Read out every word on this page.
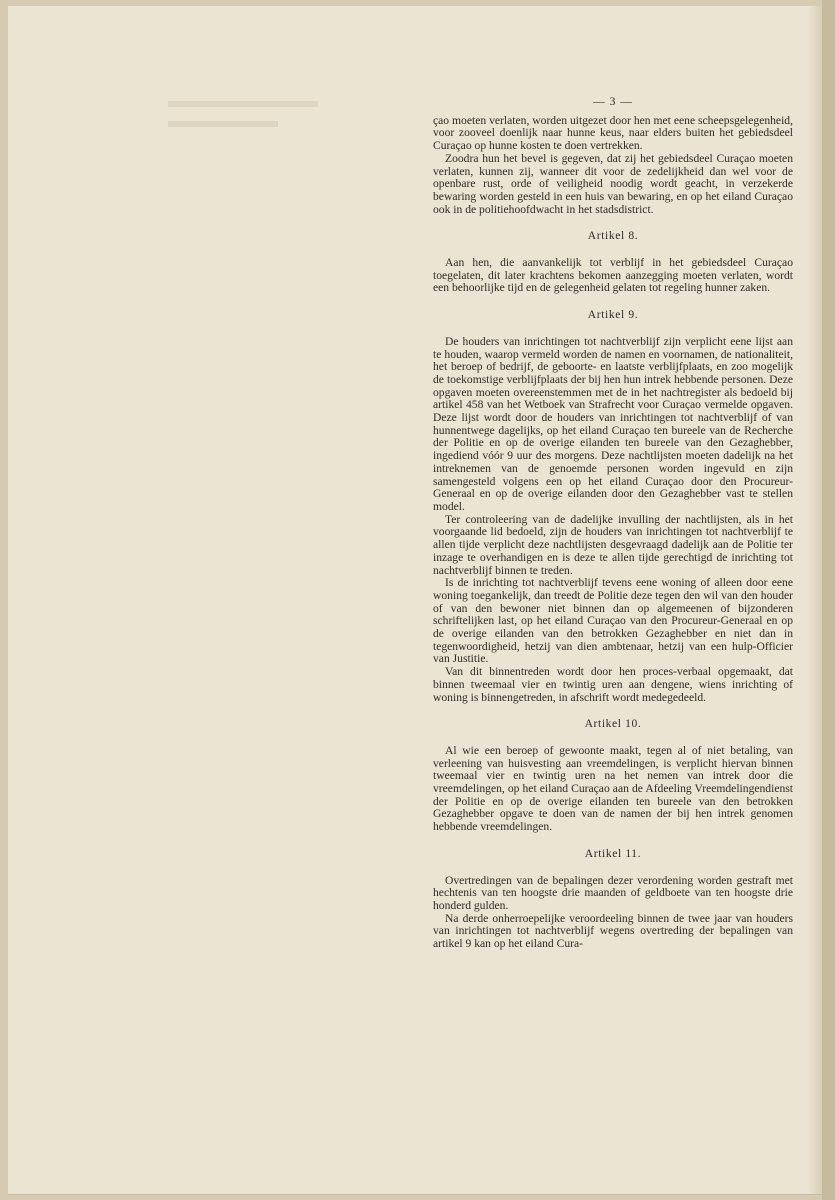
— 3 —

çao moeten verlaten, worden uitgezet door hen met eene scheepsgelegenheid, voor zooveel doenlijk naar hunne keus, naar elders buiten het gebiedsdeel Curaçao op hunne kosten te doen vertrekken.

Zoodra hun het bevel is gegeven, dat zij het gebiedsdeel Curaçao moeten verlaten, kunnen zij, wanneer dit voor de zedelijkheid dan wel voor de openbare rust, orde of veiligheid noodig wordt geacht, in verzekerde bewaring worden gesteld in een huis van bewaring, en op het eiland Curaçao ook in de politiehoofdwacht in het stadsdistrict.

Artikel 8.

Aan hen, die aanvankelijk tot verblijf in het gebiedsdeel Curaçao toegelaten, dit later krachtens bekomen aanzegging moeten verlaten, wordt een behoorlijke tijd en de gelegenheid gelaten tot regeling hunner zaken.

Artikel 9.

De houders van inrichtingen tot nachtverblijf zijn verplicht eene lijst aan te houden, waarop vermeld worden de namen en voornamen, de nationaliteit, het beroep of bedrijf, de geboorte- en laatste verblijfplaats, en zoo mogelijk de toekomstige verblijfplaats der bij hen hun intrek hebbende personen. Deze opgaven moeten overeenstemmen met de in het nachtregister als bedoeld bij artikel 458 van het Wetboek van Strafrecht voor Curaçao vermelde opgaven. Deze lijst wordt door de houders van inrichtingen tot nachtverblijf of van hunnentwege dagelijks, op het eiland Curaçao ten bureele van de Recherche der Politie en op de overige eilanden ten bureele van den Gezaghebber, ingediend vóór 9 uur des morgens. Deze nachtlijsten moeten dadelijk na het intreknemen van de genoemde personen worden ingevuld en zijn samengesteld volgens een op het eiland Curaçao door den Procureur-Generaal en op de overige eilanden door den Gezaghebber vast te stellen model.

Ter controleering van de dadelijke invulling der nachtlijsten, als in het voorgaande lid bedoeld, zijn de houders van inrichtingen tot nachtverblijf te allen tijde verplicht deze nachtlijsten desgevraagd dadelijk aan de Politie ter inzage te overhandigen en is deze te allen tijde gerechtigd de inrichting tot nachtverblijf binnen te treden.

Is de inrichting tot nachtverblijf tevens eene woning of alleen door eene woning toegankelijk, dan treedt de Politie deze tegen den wil van den houder of van den bewoner niet binnen dan op algemeenen of bijzonderen schriftelijken last, op het eiland Curaçao van den Procureur-Generaal en op de overige eilanden van den betrokken Gezaghebber en niet dan in tegenwoordigheid, hetzij van dien ambtenaar, hetzij van een hulp-Officier van Justitie.

Van dit binnentreden wordt door hen proces-verbaal opgemaakt, dat binnen tweemaal vier en twintig uren aan dengene, wiens inrichting of woning is binnengetreden, in afschrift wordt medegedeeld.

Artikel 10.

Al wie een beroep of gewoonte maakt, tegen al of niet betaling, van verleening van huisvesting aan vreemdelingen, is verplicht hiervan binnen tweemaal vier en twintig uren na het nemen van intrek door die vreemdelingen, op het eiland Curaçao aan de Afdeeling Vreemdelingendienst der Politie en op de overige eilanden ten bureele van den betrokken Gezaghebber opgave te doen van de namen der bij hen intrek genomen hebbende vreemdelingen.

Artikel 11.

Overtredingen van de bepalingen dezer verordening worden gestraft met hechtenis van ten hoogste drie maanden of geldboete van ten hoogste drie honderd gulden.

Na derde onherroepelijke veroordeeling binnen de twee jaar van houders van inrichtingen tot nachtverblijf wegens overtreding der bepalingen van artikel 9 kan op het eiland Cura-
